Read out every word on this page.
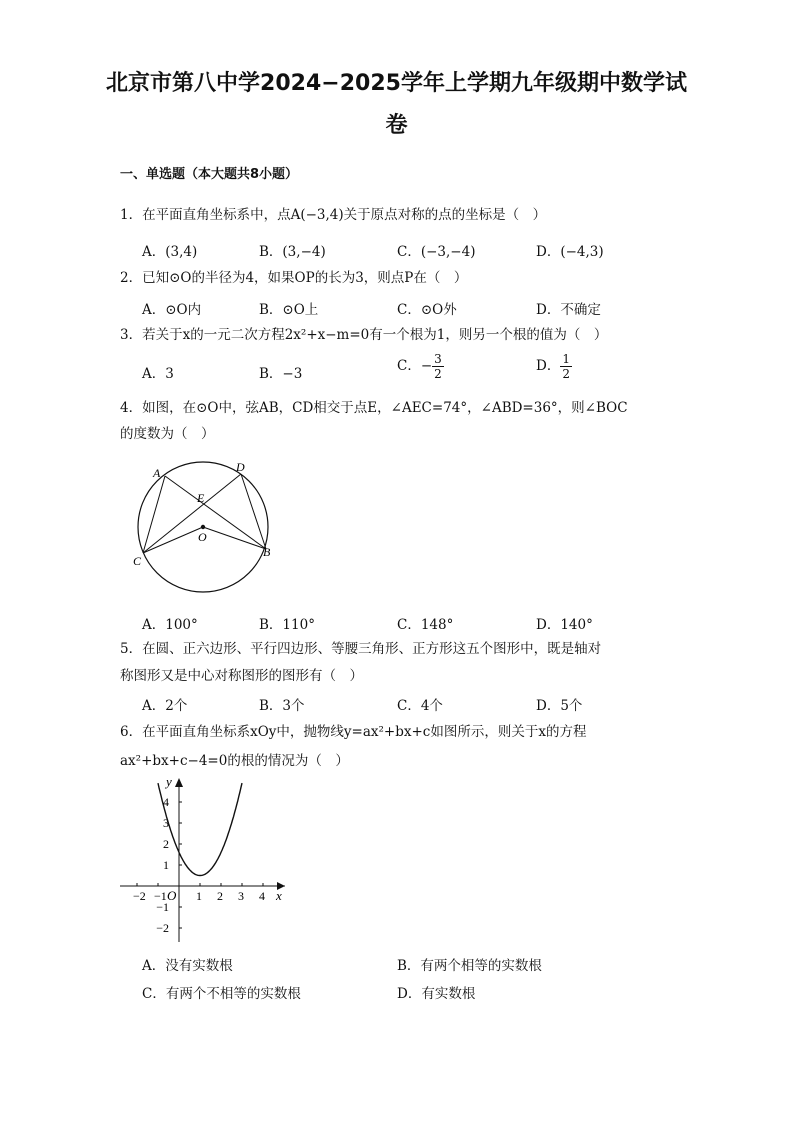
北京市第八中学2024−2025学年上学期九年级期中数学试
卷
一、单选题（本大题共8小题）
1．在平面直角坐标系中，点A(−3,4)关于原点对称的点的坐标是（　）
A．(3,4)	B．(3,−4)	C．(−3,−4)	D．(−4,3)
2．已知⊙O的半径为4，如果OP的长为3，则点P在（　）
A．⊙O内	B．⊙O上	C．⊙O外	D．不确定
3．若关于x的一元二次方程2x²+x−m=0有一个根为1，则另一个根的值为（　）
A．3	B．−3	C．− $\frac{3}{2}$	D． $\frac{1}{2}$
4．如图，在⊙O中，弦AB，CD相交于点E，∠AEC=74°，∠ABD=36°，则∠BOC
的度数为（　）
A	D
C
B
E
O
A．100°	B．110°	C．148°	D．140°
5．在圆、正六边形、平行四边形、等腰三角形、正方形这五个图形中，既是轴对
称图形又是中心对称图形的图形有（　）
A．2个	B．3个	C．4个	D．5个
6．在平面直角坐标系xOy中，抛物线y=ax²+bx+c如图所示，则关于x的方程
ax²+bx+c−4=0的根的情况为（　）
−2 −1 1 2 3 4
4
3
2
1
−1
−2
O	x
y
A．没有实数根	B．有两个相等的实数根
C．有两个不相等的实数根	D．有实数根
